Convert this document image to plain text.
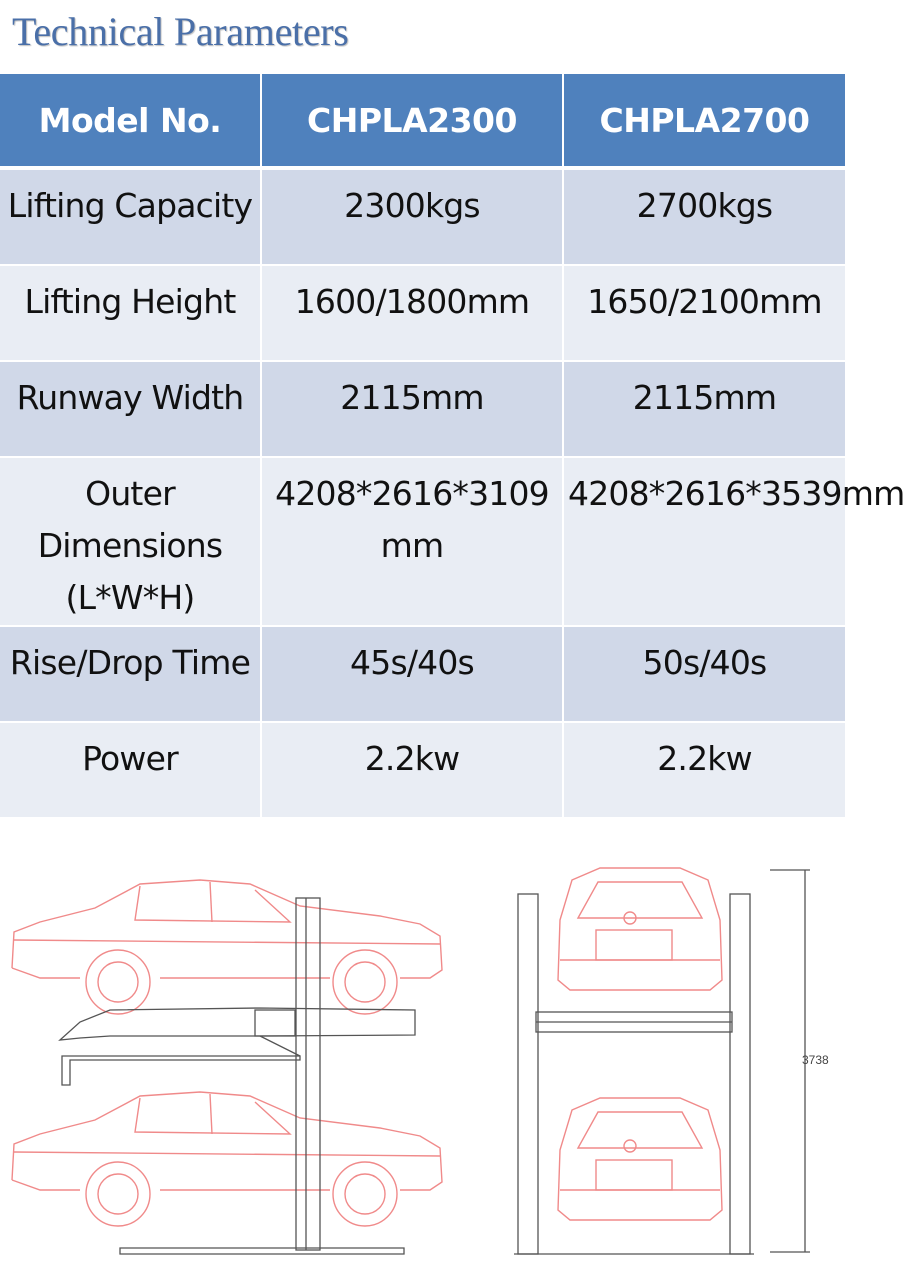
Technical Parameters
Model No.	CHPLA2300	CHPLA2700
Lifting Capacity	2300kgs	2700kgs
Lifting Height	1600/1800mm	1650/2100mm
Runway Width	2115mm	2115mm
Outer Dimensions (L*W*H)	4208*2616*3109 mm	4208*2616*3539mm
Rise/Drop Time	45s/40s	50s/40s
Power	2.2kw	2.2kw
3738
